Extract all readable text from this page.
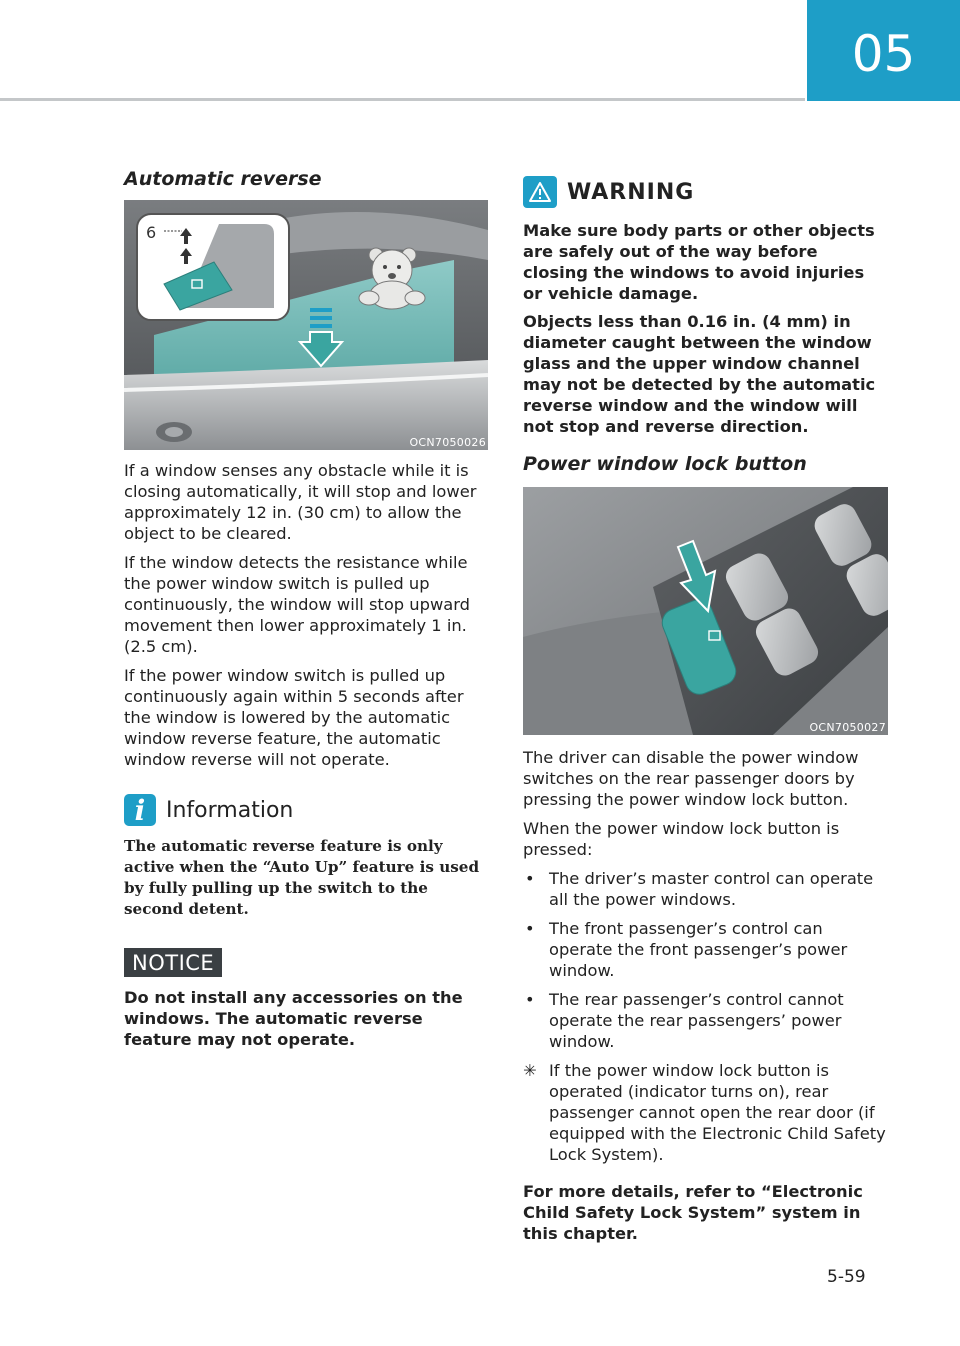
05
Automatic reverse
6
OCN7050026

If a window senses any obstacle while it is closing automatically, it will stop and lower approximately 12 in. (30 cm) to allow the object to be cleared.

If the window detects the resistance while the power window switch is pulled up continuously, the window will stop upward movement then lower approximately 1 in. (2.5 cm).

If the power window switch is pulled up continuously again within 5 seconds after the window is lowered by the automatic window reverse feature, the automatic window reverse will not operate.

i Information

The automatic reverse feature is only active when the “Auto Up” feature is used by fully pulling up the switch to the second detent.

NOTICE

Do not install any accessories on the windows. The automatic reverse feature may not operate.

WARNING

Make sure body parts or other objects are safely out of the way before closing the windows to avoid injuries or vehicle damage.

Objects less than 0.16 in. (4 mm) in diameter caught between the window glass and the upper window channel may not be detected by the automatic reverse window and the window will not stop and reverse direction.

Power window lock button
OCN7050027

The driver can disable the power window switches on the rear passenger doors by pressing the power window lock button.

When the power window lock button is pressed:

• The driver’s master control can operate all the power windows.
• The front passenger’s control can operate the front passenger’s power window.
• The rear passenger’s control cannot operate the rear passengers’ power window.
✳ If the power window lock button is operated (indicator turns on), rear passenger cannot open the rear door (if equipped with the Electronic Child Safety Lock System).

For more details, refer to “Electronic Child Safety Lock System” system in this chapter.

5-59
